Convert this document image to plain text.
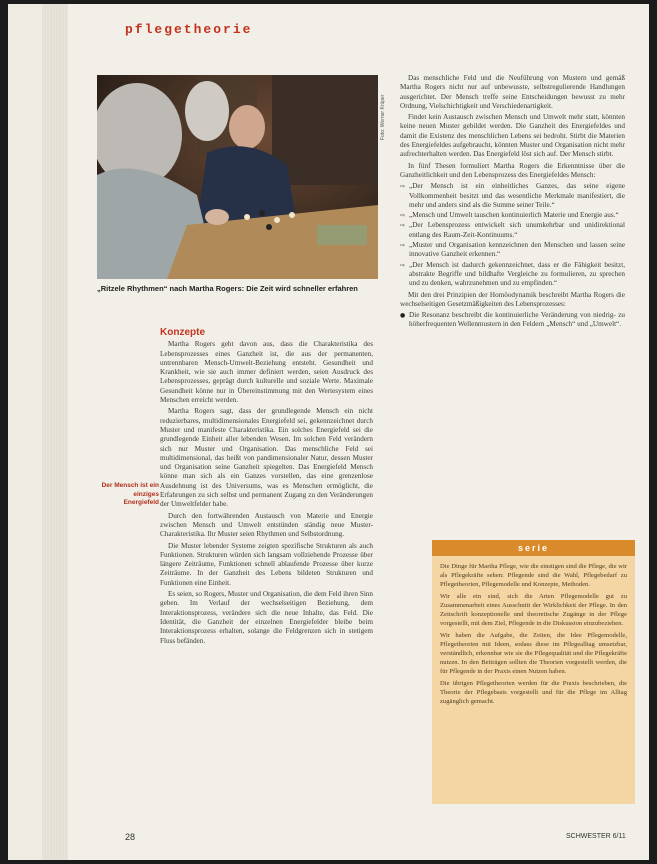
pflegetheorie
Foto: Werner Krüper
„Ritzele Rhythmen“ nach Martha Rogers: Die Zeit wird schneller erfahren
Konzepte

Martha Rogers geht davon aus, dass die Charakteristika des Lebensprozesses eines Ganzheit ist, die aus der permanenten, untrennbaren Mensch-Umwelt-Beziehung entsteht. Gesundheit und Krankheit, wie sie auch immer definiert werden, seien Ausdruck des Lebensprozesses, geprägt durch kulturelle und soziale Werte. Maximale Gesundheit könne nur in Übereinstimmung mit den Wertesystem eines Menschen erreicht werden.

Martha Rogers sagt, dass der grundlegende Mensch ein nicht reduzierbares, multidimensionales Energiefeld sei, gekennzeichnet durch Muster und manifeste Charakteristika. Ein solches Energiefeld sei die grundlegende Einheit aller lebenden Wesen. Im solchen Feld verändern sich nur Muster und Organisation. Das menschliche Feld sei multidimensional, das heißt von pandimensionaler Natur, dessen Muster und Organisation seine Ganzheit spiegelten. Das Energiefeld Mensch könne man sich als ein Ganzes vorstellen, das eine grenzenlose Ausdehnung ist des Universums, was es Menschen ermöglicht, die Erfahrungen zu sich selbst und permanent Zugang zu den Veränderungen der Umweltfelder habe.

Durch den fortwährenden Austausch von Materie und Energie zwischen Mensch und Umwelt entstünden ständig neue Muster-Charakteristika. Ihr Muster seien Rhythmen und Selbstordnung.

Die Muster lebender Systeme zeigten spezifische Strukturen als auch Funktionen. Strukturen würden sich langsam vollziehende Prozesse über längere Zeiträume, Funktionen schnell ablaufende Prozesse über kurze Zeiträume. In der Ganzheit des Lebens bildeten Strukturen und Funktionen eine Einheit.

Es seien, so Rogers, Muster und Organisation, die dem Feld ihren Sinn geben. Im Verlauf der wechselseitigen Beziehung, dem Interaktionsprozess, verändere sich die neue Inhalte, das Feld. Die Identität, die Ganzheit der einzelnen Energiefelder bleibe beim Interaktionsprozess erhalten, solange die Feldgrenzen sich in stetigem Fluss befänden.

Der Mensch ist ein einziges Energiefeld

Das menschliche Feld und die Neuführung von Mustern und gemäß Martha Rogers nicht nur auf unbewusste, selbstregulierende Handlungen ausgerichtet. Der Mensch treffe seine Entscheidungen bewusst zu mehr Ordnung, Vielschichtigkeit und Verschiedenartigkeit.

Findet kein Austausch zwischen Mensch und Umwelt mehr statt, könnten keine neuen Muster gebildet werden. Die Ganzheit des Energiefeldes und damit die Existenz des menschlichen Lebens sei bedroht. Stirbt die Materien des Energiefeldes aufgebraucht, könnten Muster und Organisation nicht mehr aufrechterhalten werden. Das Energiefeld löst sich auf. Der Mensch stirbt.

In fünf Thesen formuliert Martha Rogers die Erkenntnisse über die Ganzheitlichkeit und den Lebensprozess des Energiefeldes Mensch:

⇨ „Der Mensch ist ein einheitliches Ganzes, das seine eigene Vollkommenheit besitzt und das wesentliche Merkmale manifestiert, die mehr und anders sind als die Summe seiner Teile.“
⇨ „Mensch und Umwelt tauschen kontinuierlich Materie und Energie aus.“
⇨ „Der Lebensprozess entwickelt sich unumkehrbar und unidirektional entlang des Raum-Zeit-Kontinuums.“
⇨ „Muster und Organisation kennzeichnen den Menschen und lassen seine innovative Ganzheit erkennen.“
⇨ „Der Mensch ist dadurch gekennzeichnet, dass er die Fähigkeit besitzt, abstrakte Begriffe und bildhafte Vergleiche zu formulieren, zu sprechen und zu denken, wahrzunehmen und zu empfinden.“

Mit den drei Prinzipien der Homöodynamik beschreibt Martha Rogers die wechselseitigen Gesetzmäßigkeiten des Lebensprozesses:

● Die Resonanz beschreibt die kontinuierliche Veränderung von niedrig- zu höherfrequenten Wellenmustern in den Feldern „Mensch“ und „Umwelt“.
serie

Die Dinge für Martha Pflege, wie die einstigen sind die Pflege, die wir als Pflegekräfte sehen: Pflegende sind die Wahl, Pflegebedarf zu Pflegetheorien, Pflegemodelle und Konzepte, Methoden.

Wir alle ein sind, sich die Arten Pflegemodelle gut zu Zusammenarbeit eines Ausschnitt der Wirklichkeit der Pflege. In den Zeitschrift konzeptionelle und theoretische Zugänge in der Pflege vorgestellt, mit dem Ziel, Pflegende in die Diskussion einzubeziehen.

Wir haben die Aufgabe, die Zeiten, die Idee Pflegemodelle, Pflegetheorien mit Ideen, sodass diese im Pflegealltag umsetzbar, verständlich, erkennbar wie sie die Pflegequalität und die Pflegekräfte nutzen. In den Beiträgen sollten die Theorien vorgestellt werden, die für Pflegende in der Praxis einen Nutzen haben.

Die übrigen Pflegetheorien werden für die Praxis beschrieben, die Theorie der Pflegebasis vorgestellt und für die Pflege im Alltag zugänglich gemacht.

28	SCHWESTER 6/11
